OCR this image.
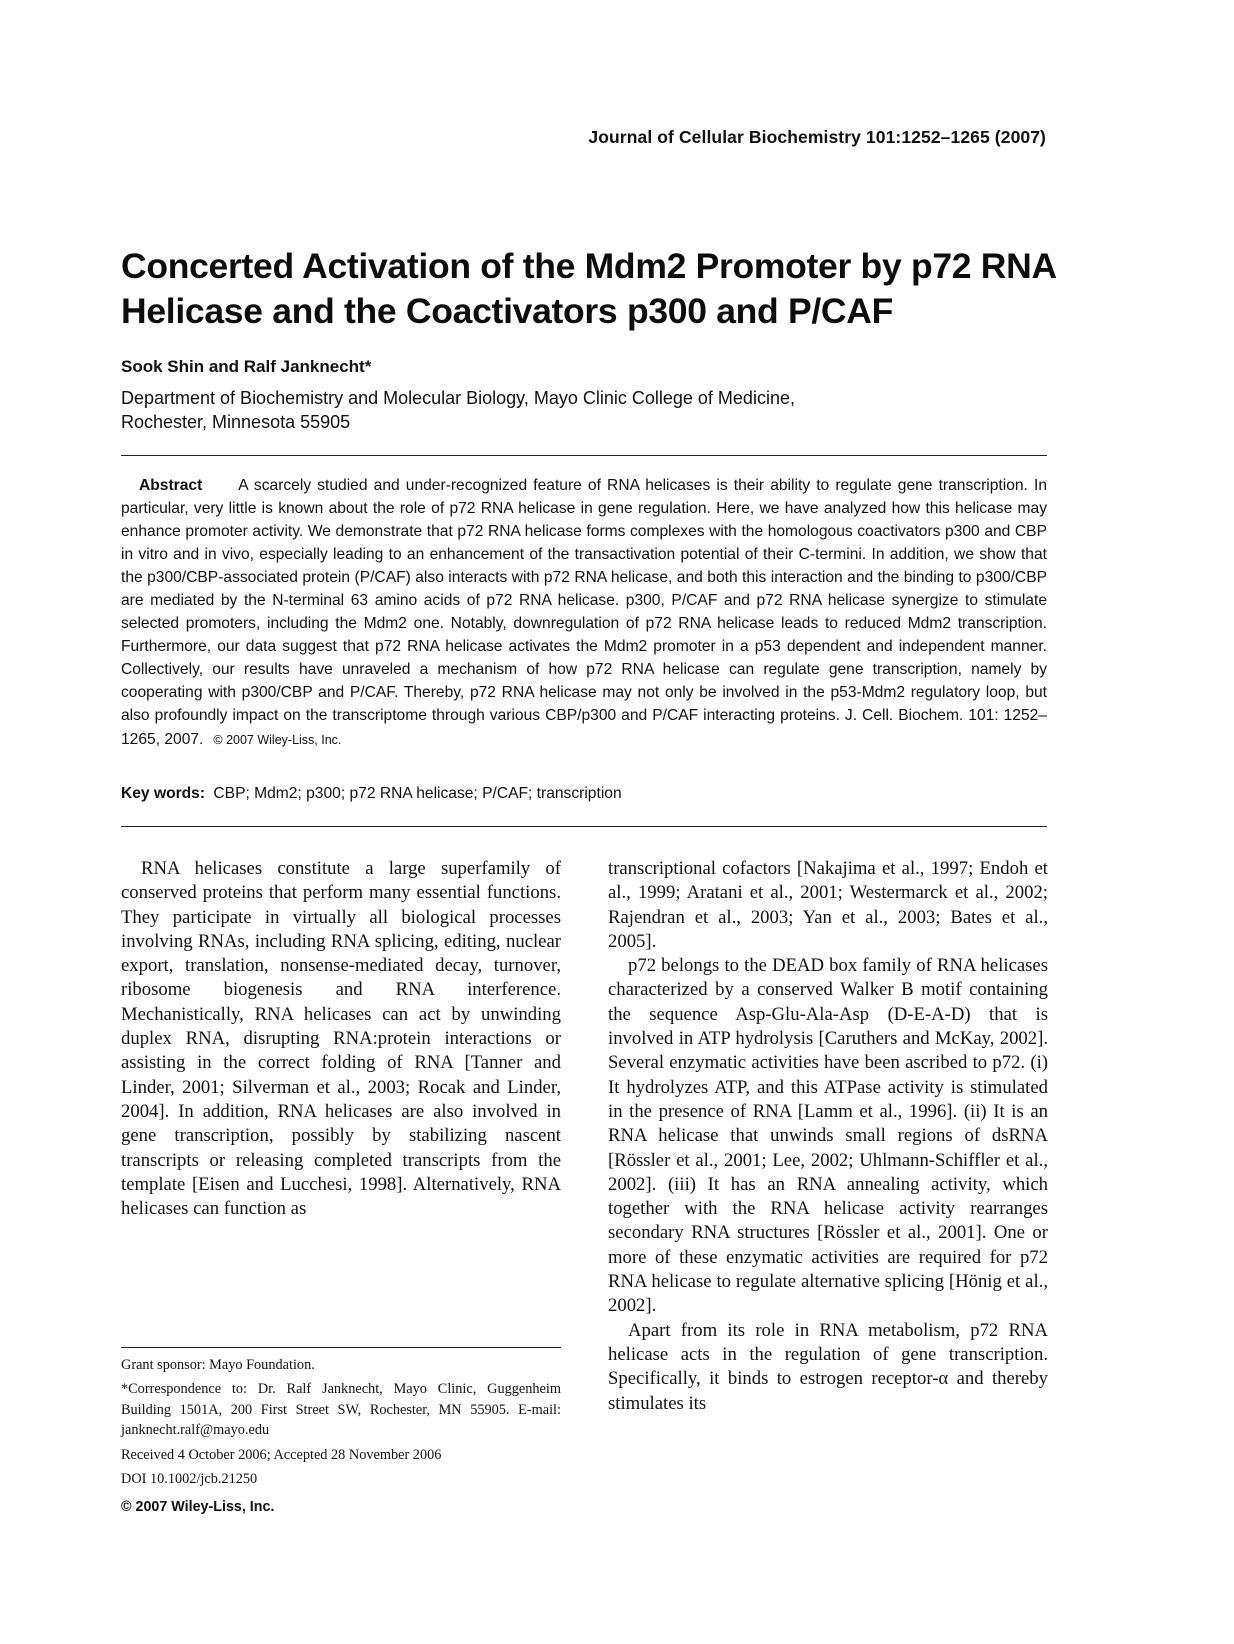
Journal of Cellular Biochemistry 101:1252–1265 (2007)
Concerted Activation of the Mdm2 Promoter by p72 RNA
Helicase and the Coactivators p300 and P/CAF
Sook Shin and Ralf Janknecht*
Department of Biochemistry and Molecular Biology, Mayo Clinic College of Medicine,
Rochester, Minnesota 55905
Abstract A scarcely studied and under-recognized feature of RNA helicases is their ability to regulate gene transcription. In particular, very little is known about the role of p72 RNA helicase in gene regulation. Here, we have analyzed how this helicase may enhance promoter activity. We demonstrate that p72 RNA helicase forms complexes with the homologous coactivators p300 and CBP in vitro and in vivo, especially leading to an enhancement of the transactivation potential of their C-termini. In addition, we show that the p300/CBP-associated protein (P/CAF) also interacts with p72 RNA helicase, and both this interaction and the binding to p300/CBP are mediated by the N-terminal 63 amino acids of p72 RNA helicase. p300, P/CAF and p72 RNA helicase synergize to stimulate selected promoters, including the Mdm2 one. Notably, downregulation of p72 RNA helicase leads to reduced Mdm2 transcription. Furthermore, our data suggest that p72 RNA helicase activates the Mdm2 promoter in a p53 dependent and independent manner. Collectively, our results have unraveled a mechanism of how p72 RNA helicase can regulate gene transcription, namely by cooperating with p300/CBP and P/CAF. Thereby, p72 RNA helicase may not only be involved in the p53-Mdm2 regulatory loop, but also profoundly impact on the transcriptome through various CBP/p300 and P/CAF interacting proteins. J. Cell. Biochem. 101: 1252–1265, 2007. © 2007 Wiley-Liss, Inc.
Key words: CBP; Mdm2; p300; p72 RNA helicase; P/CAF; transcription

RNA helicases constitute a large superfamily of conserved proteins that perform many essential functions. They participate in virtually all biological processes involving RNAs, including RNA splicing, editing, nuclear export, translation, nonsense-mediated decay, turnover, ribosome biogenesis and RNA interference. Mechanistically, RNA helicases can act by unwinding duplex RNA, disrupting RNA:protein interactions or assisting in the correct folding of RNA [Tanner and Linder, 2001; Silverman et al., 2003; Rocak and Linder, 2004]. In addition, RNA helicases are also involved in gene transcription, possibly by stabilizing nascent transcripts or releasing completed transcripts from the template [Eisen and Lucchesi, 1998]. Alternatively, RNA helicases can function as

transcriptional cofactors [Nakajima et al., 1997; Endoh et al., 1999; Aratani et al., 2001; Westermarck et al., 2002; Rajendran et al., 2003; Yan et al., 2003; Bates et al., 2005].

p72 belongs to the DEAD box family of RNA helicases characterized by a conserved Walker B motif containing the sequence Asp-Glu-Ala-Asp (D-E-A-D) that is involved in ATP hydrolysis [Caruthers and McKay, 2002]. Several enzymatic activities have been ascribed to p72. (i) It hydrolyzes ATP, and this ATPase activity is stimulated in the presence of RNA [Lamm et al., 1996]. (ii) It is an RNA helicase that unwinds small regions of dsRNA [Rössler et al., 2001; Lee, 2002; Uhlmann-Schiffler et al., 2002]. (iii) It has an RNA annealing activity, which together with the RNA helicase activity rearranges secondary RNA structures [Rössler et al., 2001]. One or more of these enzymatic activities are required for p72 RNA helicase to regulate alternative splicing [Hönig et al., 2002].

Apart from its role in RNA metabolism, p72 RNA helicase acts in the regulation of gene transcription. Specifically, it binds to estrogen receptor-α and thereby stimulates its

Grant sponsor: Mayo Foundation.

*Correspondence to: Dr. Ralf Janknecht, Mayo Clinic, Guggenheim Building 1501A, 200 First Street SW, Rochester, MN 55905. E-mail: janknecht.ralf@mayo.edu

Received 4 October 2006; Accepted 28 November 2006

DOI 10.1002/jcb.21250

© 2007 Wiley-Liss, Inc.
